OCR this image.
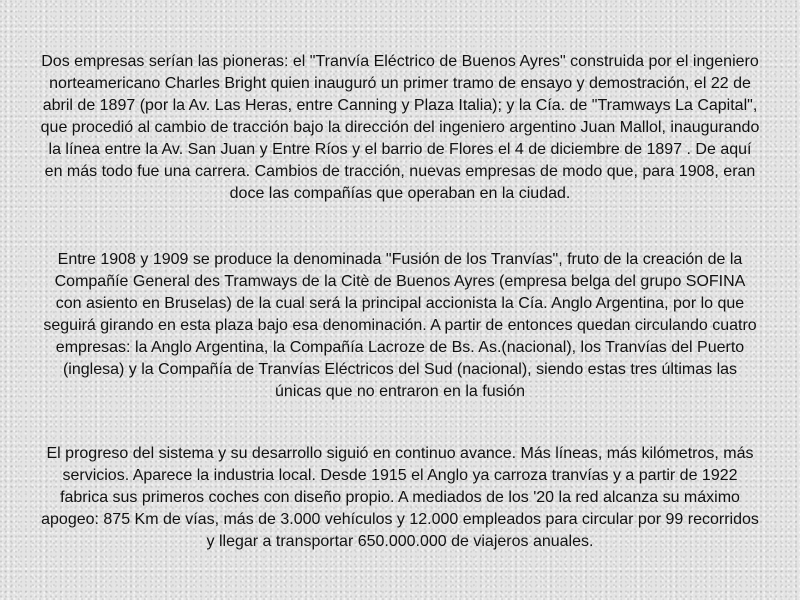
Dos empresas serían las pioneras: el "Tranvía Eléctrico de Buenos Ayres" construida por el ingeniero norteamericano Charles Bright quien inauguró un primer tramo de ensayo y demostración, el 22 de abril de 1897 (por la Av. Las Heras, entre Canning y Plaza Italia); y la Cía. de "Tramways La Capital", que procedió al cambio de tracción bajo la dirección del ingeniero argentino Juan Mallol, inaugurando la línea entre la Av. San Juan y Entre Ríos y el barrio de Flores el 4 de diciembre de 1897 . De aquí en más todo fue una carrera. Cambios de tracción, nuevas empresas de modo que, para 1908, eran doce las compañías que operaban en la ciudad.

Entre 1908 y 1909 se produce la denominada "Fusión de los Tranvías", fruto de la creación de la Compañíe General des Tramways de la Citè de Buenos Ayres (empresa belga del grupo SOFINA con asiento en Bruselas) de la cual será la principal accionista la Cía. Anglo Argentina, por lo que seguirá girando en esta plaza bajo esa denominación. A partir de entonces quedan circulando cuatro empresas: la Anglo Argentina, la Compañía Lacroze de Bs. As.(nacional), los Tranvías del Puerto (inglesa) y la Compañía de Tranvías Eléctricos del Sud (nacional), siendo estas tres últimas las únicas que no entraron en la fusión

El progreso del sistema y su desarrollo siguió en continuo avance. Más líneas, más kilómetros, más servicios. Aparece la industria local. Desde 1915 el Anglo ya carroza tranvías y a partir de 1922 fabrica sus primeros coches con diseño propio. A mediados de los '20 la red alcanza su máximo apogeo: 875 Km de vías, más de 3.000 vehículos y 12.000 empleados para circular por 99 recorridos y llegar a transportar 650.000.000 de viajeros anuales.
